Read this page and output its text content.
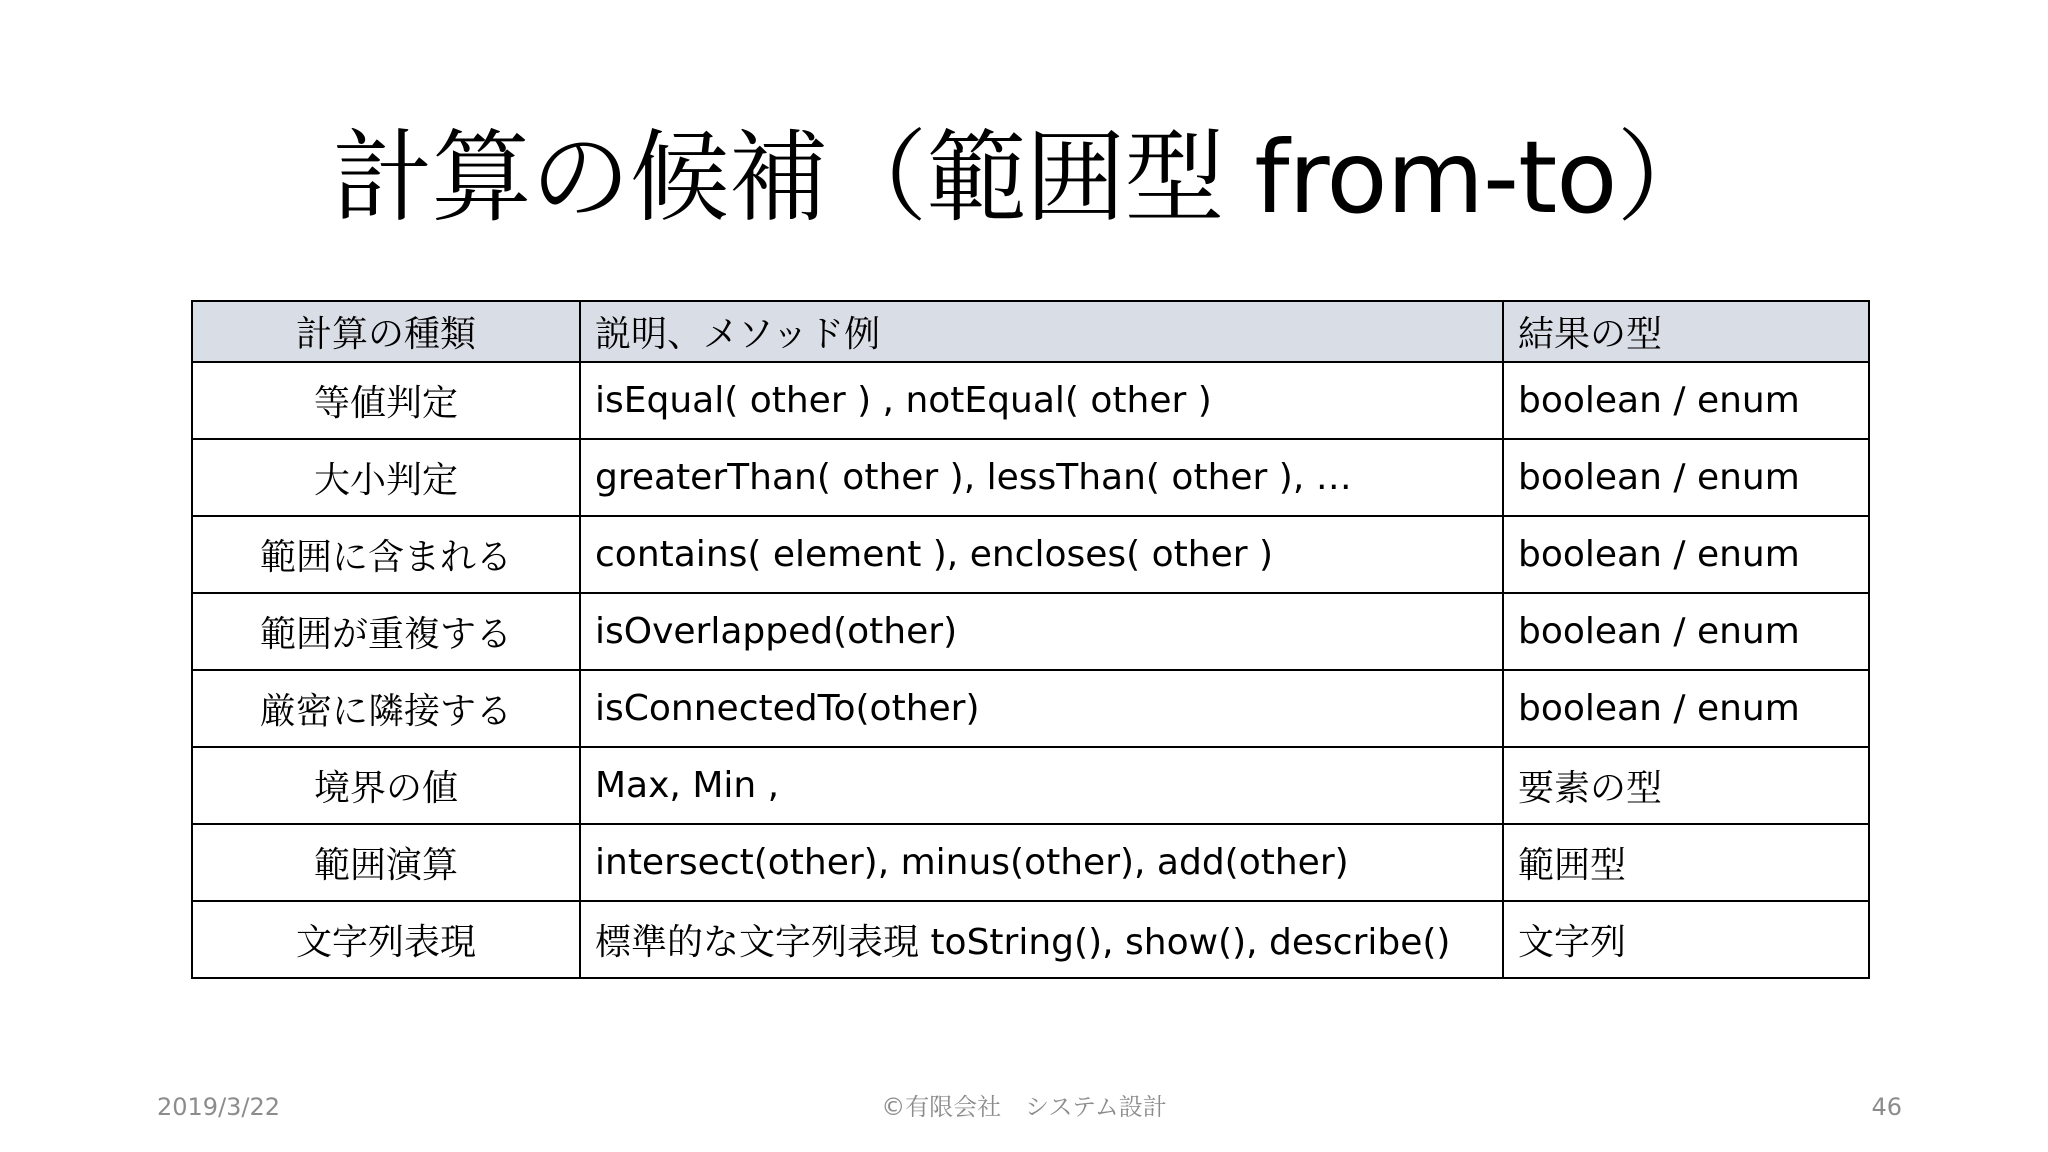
計算の候補（範囲型 from-to）
計算の種類	説明、メソッド例	結果の型
等値判定	isEqual( other ) , notEqual( other )	boolean / enum
大小判定	greaterThan( other ), lessThan( other ), …	boolean / enum
範囲に含まれる	contains( element ), encloses( other )	boolean / enum
範囲が重複する	isOverlapped(other)	boolean / enum
厳密に隣接する	isConnectedTo(other)	boolean / enum
境界の値	Max, Min ,	要素の型
範囲演算	intersect(other), minus(other), add(other)	範囲型
文字列表現	標準的な文字列表現 toString(), show(), describe()	文字列
2019/3/22	©有限会社　システム設計	46
